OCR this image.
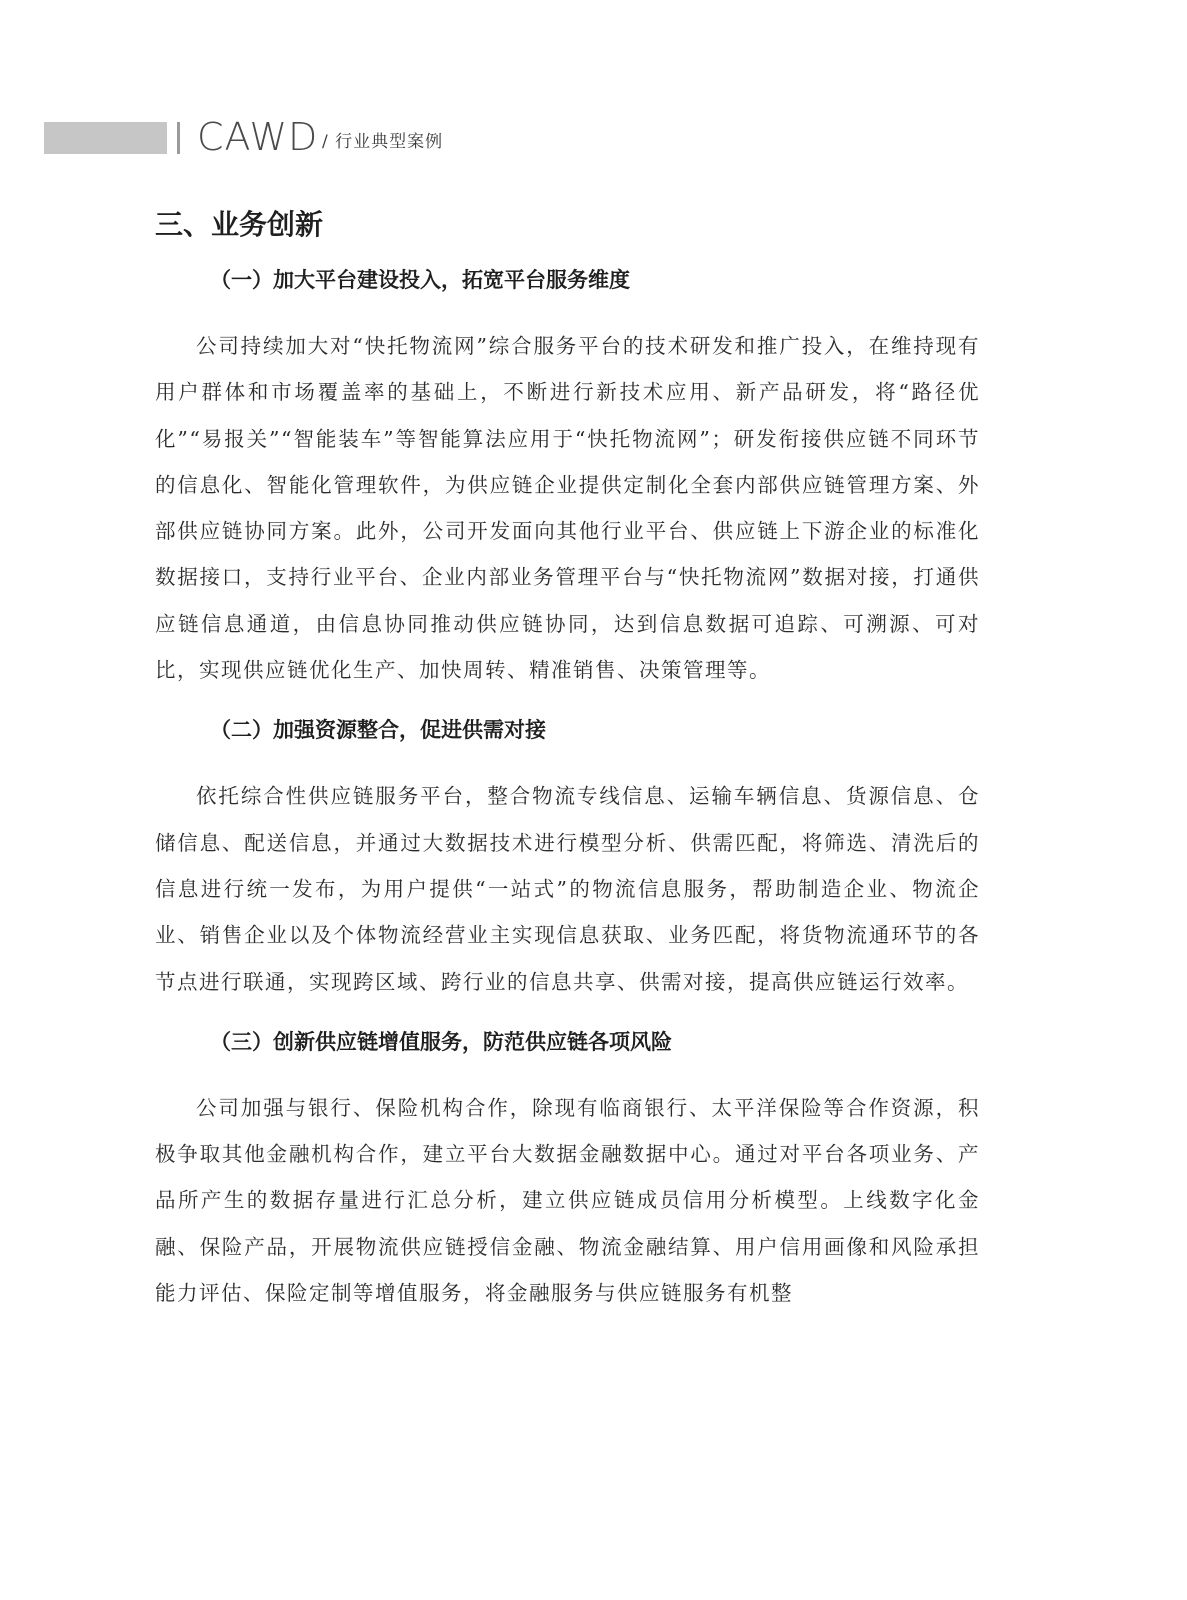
CAWD / 行业典型案例
三、业务创新
（一）加大平台建设投入，拓宽平台服务维度

公司持续加大对“快托物流网”综合服务平台的技术研发和推广投入，在维持现有用户群体和市场覆盖率的基础上，不断进行新技术应用、新产品研发，将“路径优化”“易报关”“智能装车”等智能算法应用于“快托物流网”；研发衔接供应链不同环节的信息化、智能化管理软件，为供应链企业提供定制化全套内部供应链管理方案、外部供应链协同方案。此外，公司开发面向其他行业平台、供应链上下游企业的标准化数据接口，支持行业平台、企业内部业务管理平台与“快托物流网”数据对接，打通供应链信息通道，由信息协同推动供应链协同，达到信息数据可追踪、可溯源、可对比，实现供应链优化生产、加快周转、精准销售、决策管理等。

（二）加强资源整合，促进供需对接

依托综合性供应链服务平台，整合物流专线信息、运输车辆信息、货源信息、仓储信息、配送信息，并通过大数据技术进行模型分析、供需匹配，将筛选、清洗后的信息进行统一发布，为用户提供“一站式”的物流信息服务，帮助制造企业、物流企业、销售企业以及个体物流经营业主实现信息获取、业务匹配，将货物流通环节的各节点进行联通，实现跨区域、跨行业的信息共享、供需对接，提高供应链运行效率。

（三）创新供应链增值服务，防范供应链各项风险

公司加强与银行、保险机构合作，除现有临商银行、太平洋保险等合作资源，积极争取其他金融机构合作，建立平台大数据金融数据中心。通过对平台各项业务、产品所产生的数据存量进行汇总分析，建立供应链成员信用分析模型。上线数字化金融、保险产品，开展物流供应链授信金融、物流金融结算、用户信用画像和风险承担能力评估、保险定制等增值服务，将金融服务与供应链服务有机整
